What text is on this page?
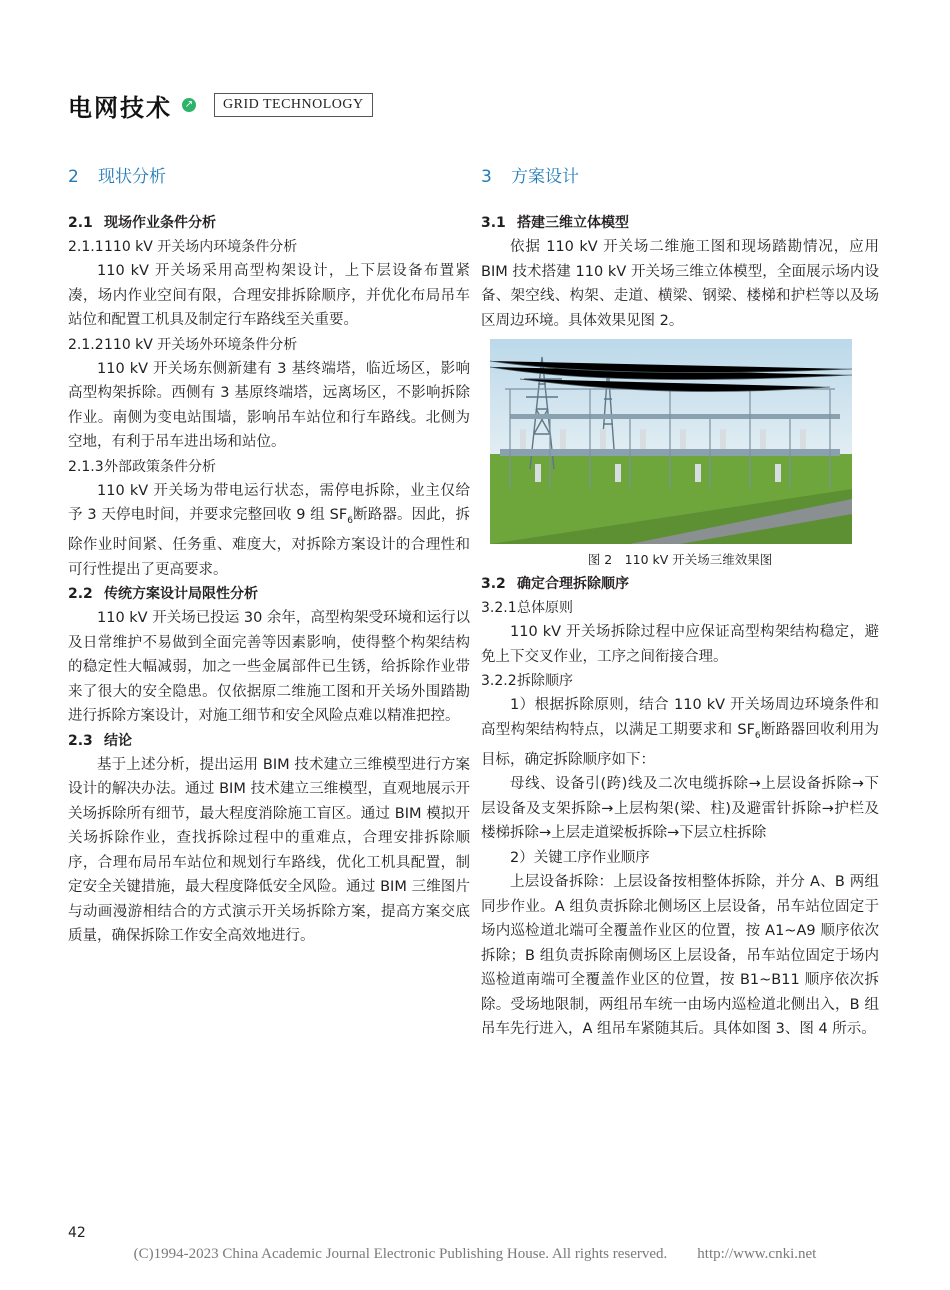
电网技术 ↗	GRID TECHNOLOGY
2 现状分析
2.1 现场作业条件分析
2.1.1110 kV 开关场内环境条件分析

110 kV 开关场采用高型构架设计，上下层设备布置紧凑，场内作业空间有限，合理安排拆除顺序，并优化布局吊车站位和配置工机具及制定行车路线至关重要。

2.1.2110 kV 开关场外环境条件分析

110 kV 开关场东侧新建有 3 基终端塔，临近场区，影响高型构架拆除。西侧有 3 基原终端塔，远离场区，不影响拆除作业。南侧为变电站围墙，影响吊车站位和行车路线。北侧为空地，有利于吊车进出场和站位。

2.1.3外部政策条件分析

110 kV 开关场为带电运行状态，需停电拆除，业主仅给予 3 天停电时间，并要求完整回收 9 组 $SF_6$断路器。因此，拆除作业时间紧、任务重、难度大，对拆除方案设计的合理性和可行性提出了更高要求。

2.2 传统方案设计局限性分析

110 kV 开关场已投运 30 余年，高型构架受环境和运行以及日常维护不易做到全面完善等因素影响，使得整个构架结构的稳定性大幅减弱，加之一些金属部件已生锈，给拆除作业带来了很大的安全隐患。仅依据原二维施工图和开关场外围踏勘进行拆除方案设计，对施工细节和安全风险点难以精准把控。

2.3 结论

基于上述分析，提出运用 BIM 技术建立三维模型进行方案设计的解决办法。通过 BIM 技术建立三维模型，直观地展示开关场拆除所有细节，最大程度消除施工盲区。通过 BIM 模拟开关场拆除作业，查找拆除过程中的重难点，合理安排拆除顺序，合理布局吊车站位和规划行车路线，优化工机具配置，制定安全关键措施，最大程度降低安全风险。通过 BIM 三维图片与动画漫游相结合的方式演示开关场拆除方案，提高方案交底质量，确保拆除工作安全高效地进行。

3 方案设计
3.1 搭建三维立体模型

依据 110 kV 开关场二维施工图和现场踏勘情况，应用 BIM 技术搭建 110 kV 开关场三维立体模型，全面展示场内设备、架空线、构架、走道、横梁、钢梁、楼梯和护栏等以及场区周边环境。具体效果见图 2。

图 2　110 kV 开关场三维效果图
3.2 确定合理拆除顺序
3.2.1总体原则

110 kV 开关场拆除过程中应保证高型构架结构稳定，避免上下交叉作业，工序之间衔接合理。

3.2.2拆除顺序

1）根据拆除原则，结合 110 kV 开关场周边环境条件和高型构架结构特点，以满足工期要求和 $SF_6$断路器回收利用为目标，确定拆除顺序如下：

母线、设备引(跨)线及二次电缆拆除→上层设备拆除→下层设备及支架拆除→上层构架(梁、柱)及避雷针拆除→护栏及楼梯拆除→上层走道梁板拆除→下层立柱拆除

2）关键工序作业顺序

上层设备拆除：上层设备按相整体拆除，并分 A、B 两组同步作业。A 组负责拆除北侧场区上层设备，吊车站位固定于场内巡检道北端可全覆盖作业区的位置，按 A1~A9 顺序依次拆除；B 组负责拆除南侧场区上层设备，吊车站位固定于场内巡检道南端可全覆盖作业区的位置，按 B1~B11 顺序依次拆除。受场地限制，两组吊车统一由场内巡检道北侧出入，B 组吊车先行进入，A 组吊车紧随其后。具体如图 3、图 4 所示。

42
(C)1994-2023 China Academic Journal Electronic Publishing House. All rights reserved.　　http://www.cnki.net
